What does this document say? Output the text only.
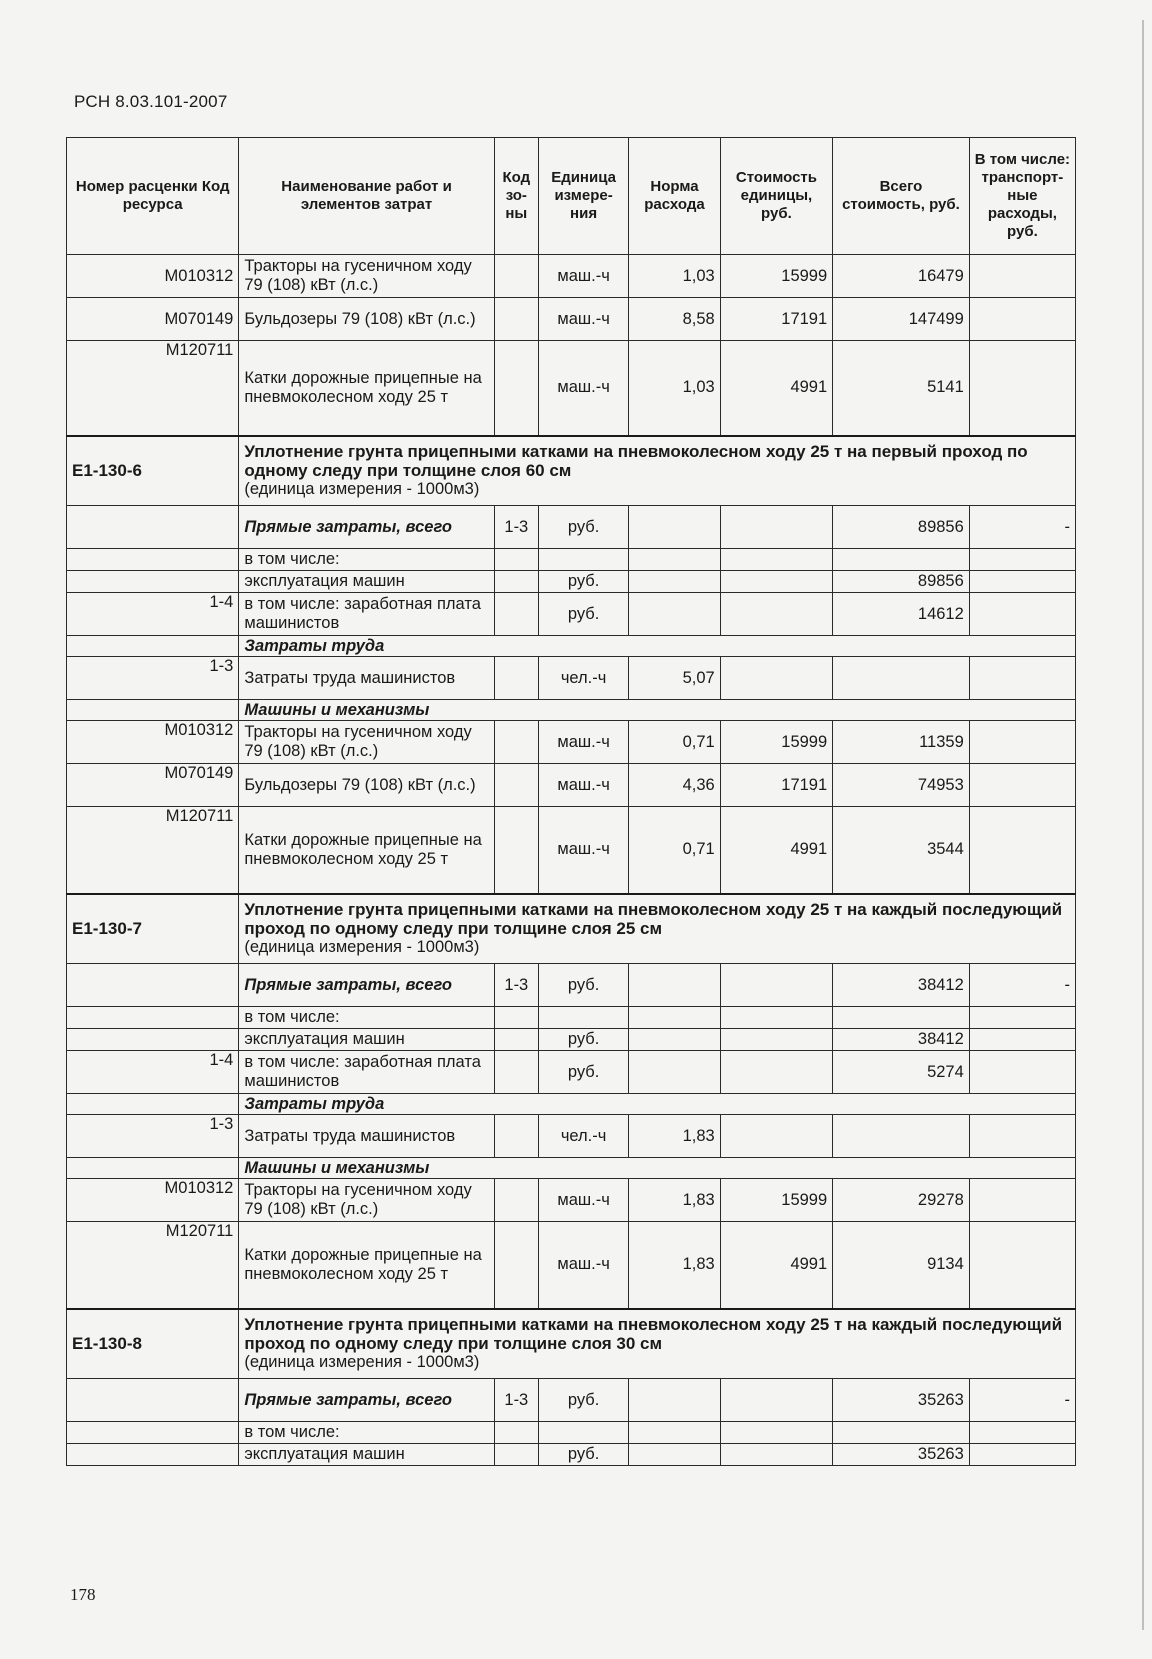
РСН 8.03.101-2007
Номер расценки Код ресурса	Наименование работ и элементов затрат	Код зо-ны	Единица измере-ния	Норма расхода	Стоимость единицы, руб.	Всего стоимость, руб.	В том числе: транспорт-ные расходы, руб.
М010312	Тракторы на гусеничном ходу 79 (108) кВт (л.с.)		маш.-ч	1,03	15999	16479	
М070149	Бульдозеры 79 (108) кВт (л.с.)		маш.-ч	8,58	17191	147499	
М120711	Катки дорожные прицепные на пневмоколесном ходу 25 т		маш.-ч	1,03	4991	5141	
Е1-130-6	Уплотнение грунта прицепными катками на пневмоколесном ходу 25 т на первый проход по одному следу при толщине слоя 60 см
(единица измерения - 1000м3)						

	Прямые затраты, всего	1-3	руб.			89856	-
	в том числе:						
	эксплуатация машин		руб.			89856	
1-4	в том числе: заработная плата машинистов		руб.			14612	
	Затраты труда						
1-3	Затраты труда машинистов		чел.-ч	5,07			
	Машины и механизмы						
М010312	Тракторы на гусеничном ходу 79 (108) кВт (л.с.)		маш.-ч	0,71	15999	11359	
М070149	Бульдозеры 79 (108) кВт (л.с.)		маш.-ч	4,36	17191	74953	
М120711	Катки дорожные прицепные на пневмоколесном ходу 25 т		маш.-ч	0,71	4991	3544	
Е1-130-7	Уплотнение грунта прицепными катками на пневмоколесном ходу 25 т на каждый последующий проход по одному следу при толщине слоя 25 см
(единица измерения - 1000м3)						

	Прямые затраты, всего	1-3	руб.			38412	-
	в том числе:						
	эксплуатация машин		руб.			38412	
1-4	в том числе: заработная плата машинистов		руб.			5274	
	Затраты труда						
1-3	Затраты труда машинистов		чел.-ч	1,83			
	Машины и механизмы						
М010312	Тракторы на гусеничном ходу 79 (108) кВт (л.с.)		маш.-ч	1,83	15999	29278	
М120711	Катки дорожные прицепные на пневмоколесном ходу 25 т		маш.-ч	1,83	4991	9134	
Е1-130-8	Уплотнение грунта прицепными катками на пневмоколесном ходу 25 т на каждый последующий проход по одному следу при толщине слоя 30 см
(единица измерения - 1000м3)						

	Прямые затраты, всего	1-3	руб.			35263	-
	в том числе:						
	эксплуатация машин		руб.			35263	
178
